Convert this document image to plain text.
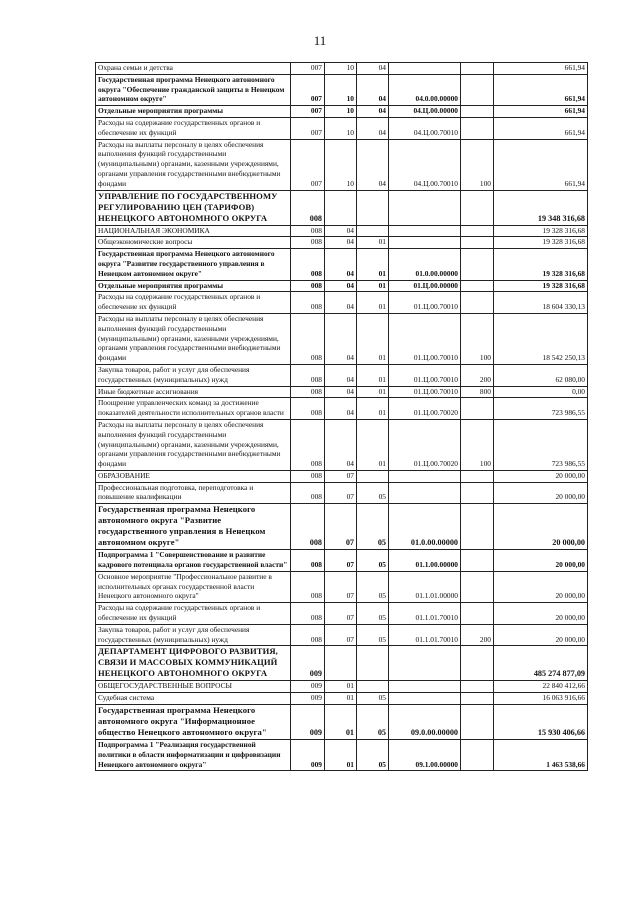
11
Охрана семьи и детства	007	10	04			661,94
Государственная программа Ненецкого автономного округа "Обеспечение гражданской защиты в Ненецком автономном округе"	007	10	04	04.0.00.00000		661,94
Отдельные мероприятия программы	007	10	04	04.Ц.00.00000		661,94
Расходы на содержание государственных органов и обеспечение их функций	007	10	04	04.Ц.00.70010		661,94
Расходы на выплаты персоналу в целях обеспечения выполнения функций государственными (муниципальными) органами, казенными учреждениями, органами управления государственными внебюджетными фондами	007	10	04	04.Ц.00.70010	100	661,94
УПРАВЛЕНИЕ ПО ГОСУДАРСТВЕННОМУ РЕГУЛИРОВАНИЮ ЦЕН (ТАРИФОВ) НЕНЕЦКОГО АВТОНОМНОГО ОКРУГА	008					19 348 316,68
НАЦИОНАЛЬНАЯ ЭКОНОМИКА	008	04				19 328 316,68
Общеэкономические вопросы	008	04	01			19 328 316,68
Государственная программа Ненецкого автономного округа "Развитие государственного управления в Ненецком автономном округе"	008	04	01	01.0.00.00000		19 328 316,68
Отдельные мероприятия программы	008	04	01	01.Ц.00.00000		19 328 316,68
Расходы на содержание государственных органов и обеспечение их функций	008	04	01	01.Ц.00.70010		18 604 330,13
Расходы на выплаты персоналу в целях обеспечения выполнения функций государственными (муниципальными) органами, казенными учреждениями, органами управления государственными внебюджетными фондами	008	04	01	01.Ц.00.70010	100	18 542 250,13
Закупка товаров, работ и услуг для обеспечения государственных (муниципальных) нужд	008	04	01	01.Ц.00.70010	200	62 080,00
Иные бюджетные ассигнования	008	04	01	01.Ц.00.70010	800	0,00
Поощрение управленческих команд за достижение показателей деятельности исполнительных органов власти	008	04	01	01.Ц.00.70020		723 986,55
Расходы на выплаты персоналу в целях обеспечения выполнения функций государственными (муниципальными) органами, казенными учреждениями, органами управления государственными внебюджетными фондами	008	04	01	01.Ц.00.70020	100	723 986,55
ОБРАЗОВАНИЕ	008	07				20 000,00
Профессиональная подготовка, переподготовка и повышение квалификации	008	07	05			20 000,00
Государственная программа Ненецкого автономного округа "Развитие государственного управления в Ненецком автономном округе"	008	07	05	01.0.00.00000		20 000,00
Подпрограмма 1 "Совершенствование и развитие кадрового потенциала органов государственной власти"	008	07	05	01.1.00.00000		20 000,00
Основное мероприятие "Профессиональное развитие в исполнительных органах государственной власти Ненецкого автономного округа"	008	07	05	01.1.01.00000		20 000,00
Расходы на содержание государственных органов и обеспечение их функций	008	07	05	01.1.01.70010		20 000,00
Закупка товаров, работ и услуг для обеспечения государственных (муниципальных) нужд	008	07	05	01.1.01.70010	200	20 000,00
ДЕПАРТАМЕНТ ЦИФРОВОГО РАЗВИТИЯ, СВЯЗИ И МАССОВЫХ КОММУНИКАЦИЙ НЕНЕЦКОГО АВТОНОМНОГО ОКРУГА	009					485 274 877,09
ОБЩЕГОСУДАРСТВЕННЫЕ ВОПРОСЫ	009	01				22 840 412,66
Судебная система	009	01	05			16 063 916,66
Государственная программа Ненецкого автономного округа "Информационное общество Ненецкого автономного округа"	009	01	05	09.0.00.00000		15 930 406,66
Подпрограмма 1 "Реализация государственной политики в области информатизации и цифровизации Ненецкого автономного округа"	009	01	05	09.1.00.00000		1 463 538,66
